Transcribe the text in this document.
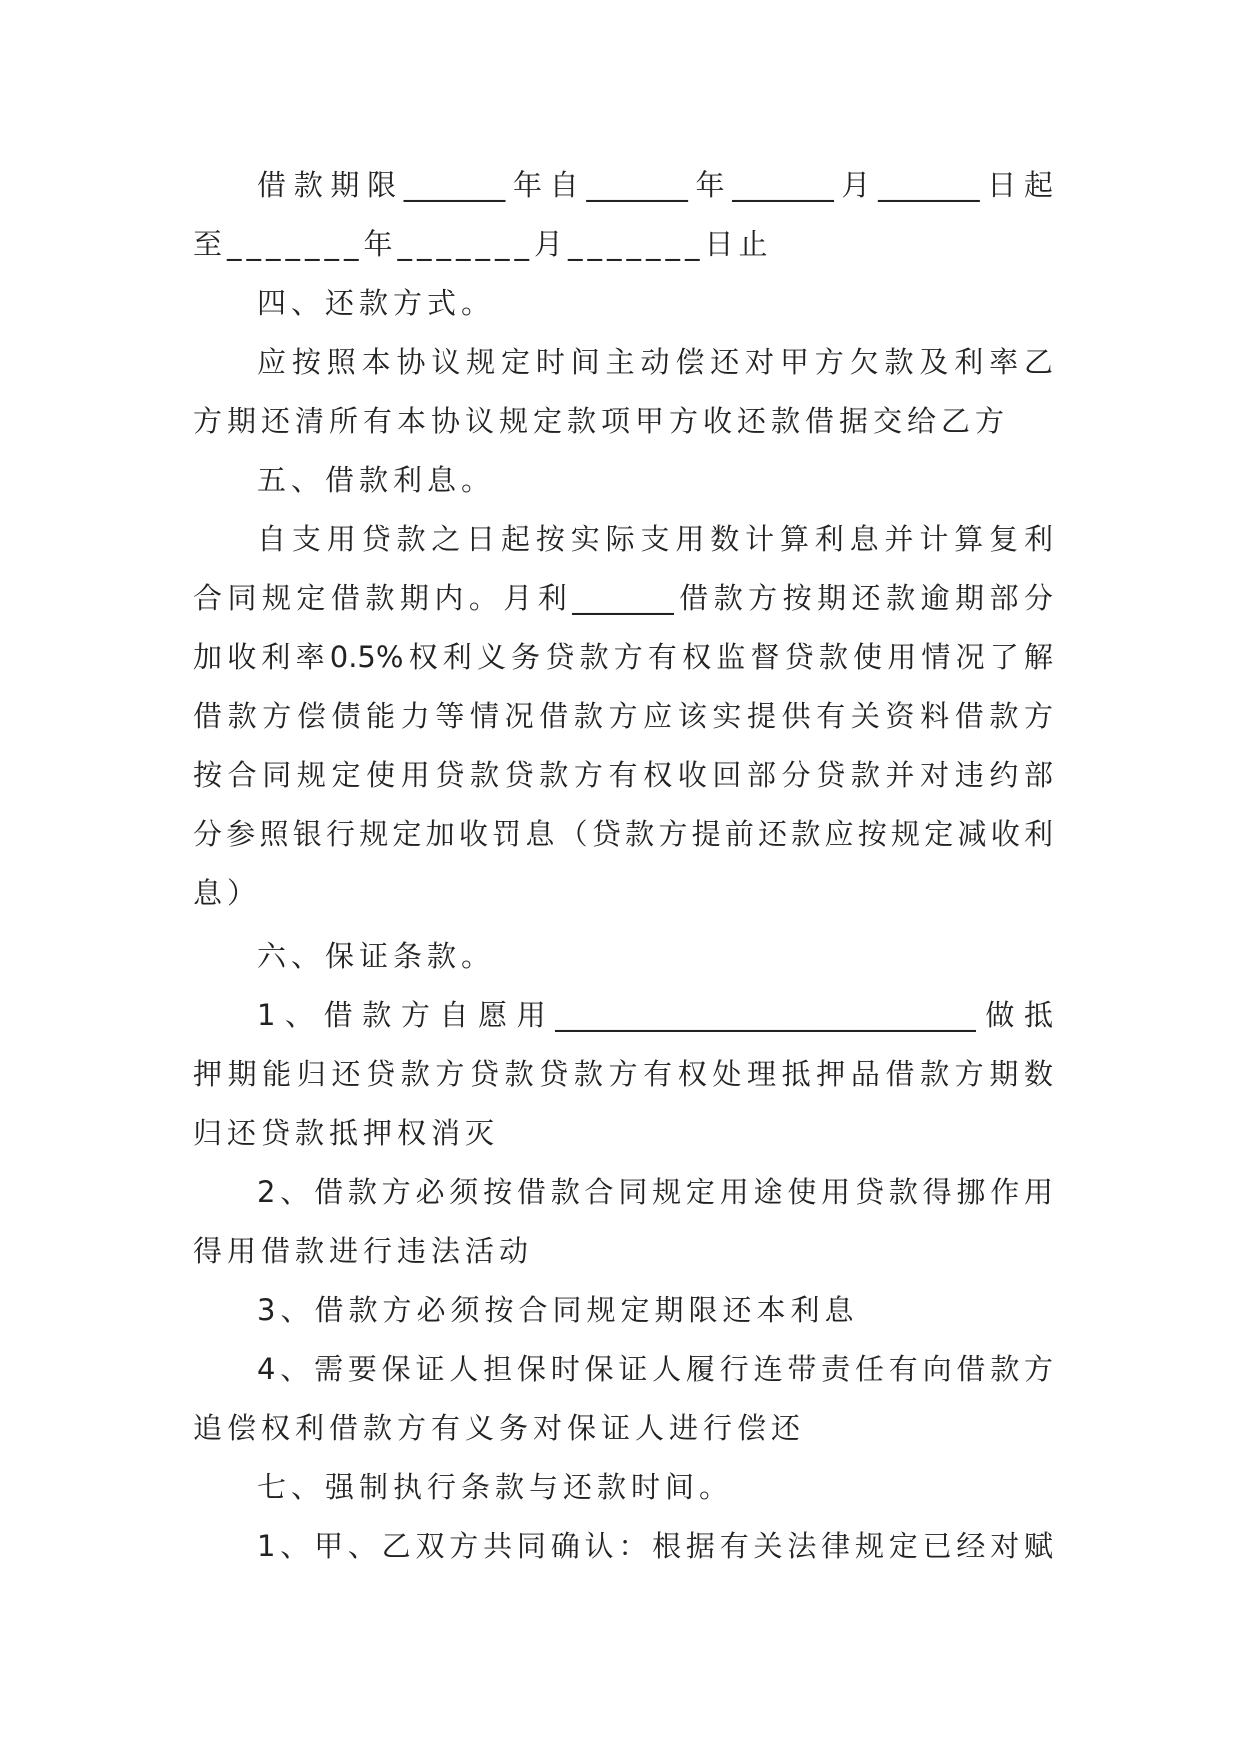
借款期限_______年自_______年_______月_______日起
至_______年_______月_______日止
四、还款方式。
应按照本协议规定时间主动偿还对甲方欠款及利率乙
方期还清所有本协议规定款项甲方收还款借据交给乙方
五、借款利息。
自支用贷款之日起按实际支用数计算利息并计算复利
合同规定借款期内。月利_______借款方按期还款逾期部分
加收利率0.5%权利义务贷款方有权监督贷款使用情况了解
借款方偿债能力等情况借款方应该实提供有关资料借款方
按合同规定使用贷款贷款方有权收回部分贷款并对违约部
分参照银行规定加收罚息（贷款方提前还款应按规定减收利
息）
六、保证条款。
1、借款方自愿用_____________________________做抵
押期能归还贷款方贷款贷款方有权处理抵押品借款方期数
归还贷款抵押权消灭
2、借款方必须按借款合同规定用途使用贷款得挪作用
得用借款进行违法活动
3、借款方必须按合同规定期限还本利息
4、需要保证人担保时保证人履行连带责任有向借款方
追偿权利借款方有义务对保证人进行偿还
七、强制执行条款与还款时间。
1、甲、乙双方共同确认：根据有关法律规定已经对赋
